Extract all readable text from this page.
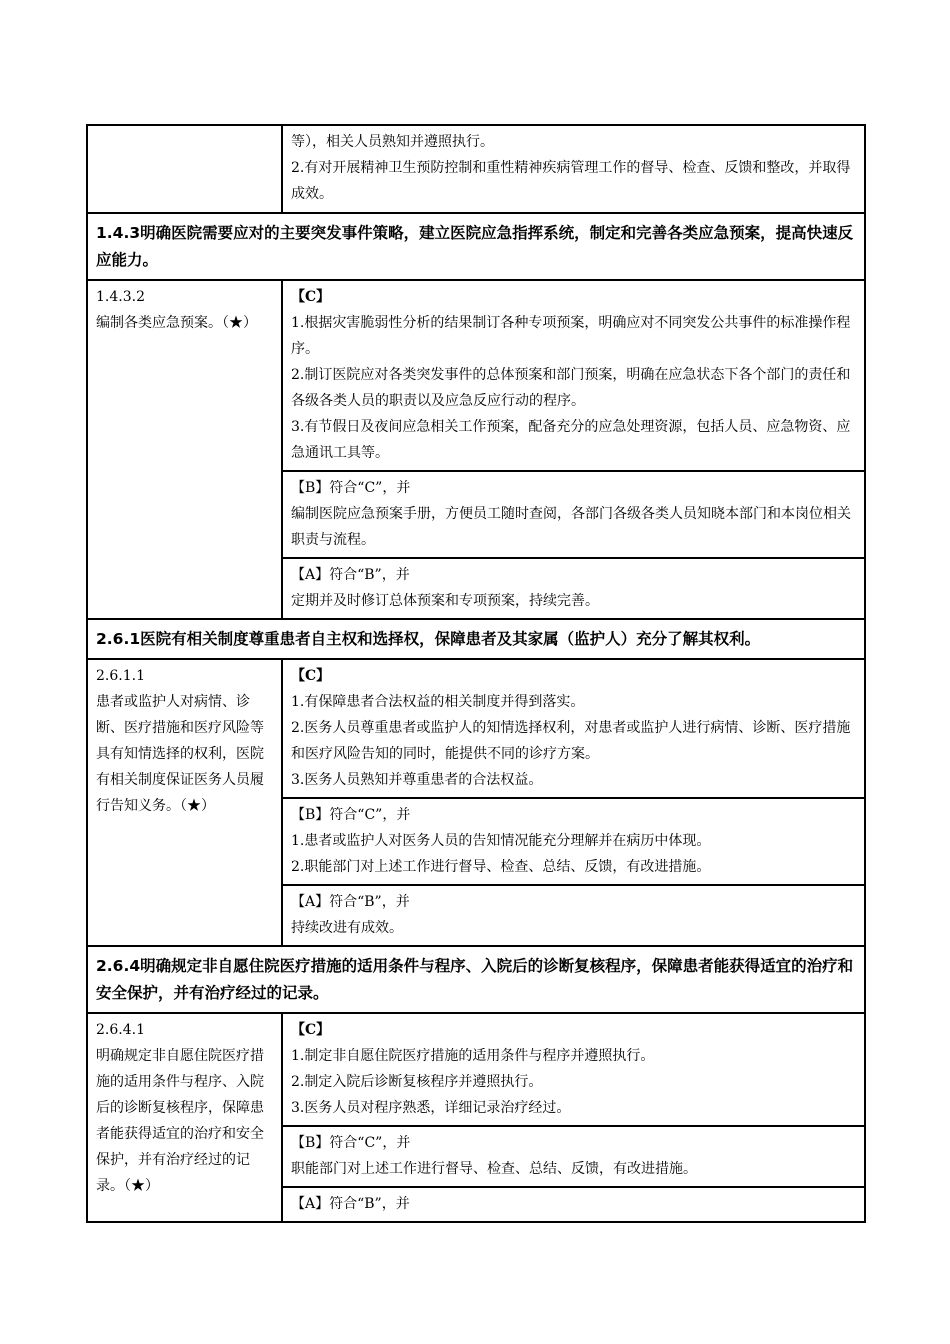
	等），相关人员熟知并遵照执行。
2.有对开展精神卫生预防控制和重性精神疾病管理工作的督导、检查、反馈和整改，并取得成效。

1.4.3明确医院需要应对的主要突发事件策略，建立医院应急指挥系统，制定和完善各类应急预案，提高快速反应能力。	

1.4.3.2
编制各类应急预案。（★）	【C】
1.根据灾害脆弱性分析的结果制订各种专项预案，明确应对不同突发公共事件的标准操作程序。
2.制订医院应对各类突发事件的总体预案和部门预案，明确在应急状态下各个部门的责任和各级各类人员的职责以及应急反应行动的程序。
3.有节假日及夜间应急相关工作预案，配备充分的应急处理资源，包括人员、应急物资、应急通讯工具等。

	【B】符合“C”，并
编制医院应急预案手册，方便员工随时查阅，各部门各级各类人员知晓本部门和本岗位相关职责与流程。

	【A】符合“B”，并
定期并及时修订总体预案和专项预案，持续完善。

2.6.1医院有相关制度尊重患者自主权和选择权，保障患者及其家属（监护人）充分了解其权利。	

2.6.1.1
患者或监护人对病情、诊断、医疗措施和医疗风险等具有知情选择的权利，医院有相关制度保证医务人员履行告知义务。（★）	【C】
1.有保障患者合法权益的相关制度并得到落实。
2.医务人员尊重患者或监护人的知情选择权利，对患者或监护人进行病情、诊断、医疗措施和医疗风险告知的同时，能提供不同的诊疗方案。
3.医务人员熟知并尊重患者的合法权益。

	【B】符合“C”，并
1.患者或监护人对医务人员的告知情况能充分理解并在病历中体现。
2.职能部门对上述工作进行督导、检查、总结、反馈，有改进措施。

	【A】符合“B”，并
持续改进有成效。

2.6.4明确规定非自愿住院医疗措施的适用条件与程序、入院后的诊断复核程序，保障患者能获得适宜的治疗和安全保护，并有治疗经过的记录。	

2.6.4.1
明确规定非自愿住院医疗措施的适用条件与程序、入院后的诊断复核程序，保障患者能获得适宜的治疗和安全保护，并有治疗经过的记录。（★）	【C】
1.制定非自愿住院医疗措施的适用条件与程序并遵照执行。
2.制定入院后诊断复核程序并遵照执行。
3.医务人员对程序熟悉，详细记录治疗经过。

	【B】符合“C”，并
职能部门对上述工作进行督导、检查、总结、反馈，有改进措施。

	【A】符合“B”，并
